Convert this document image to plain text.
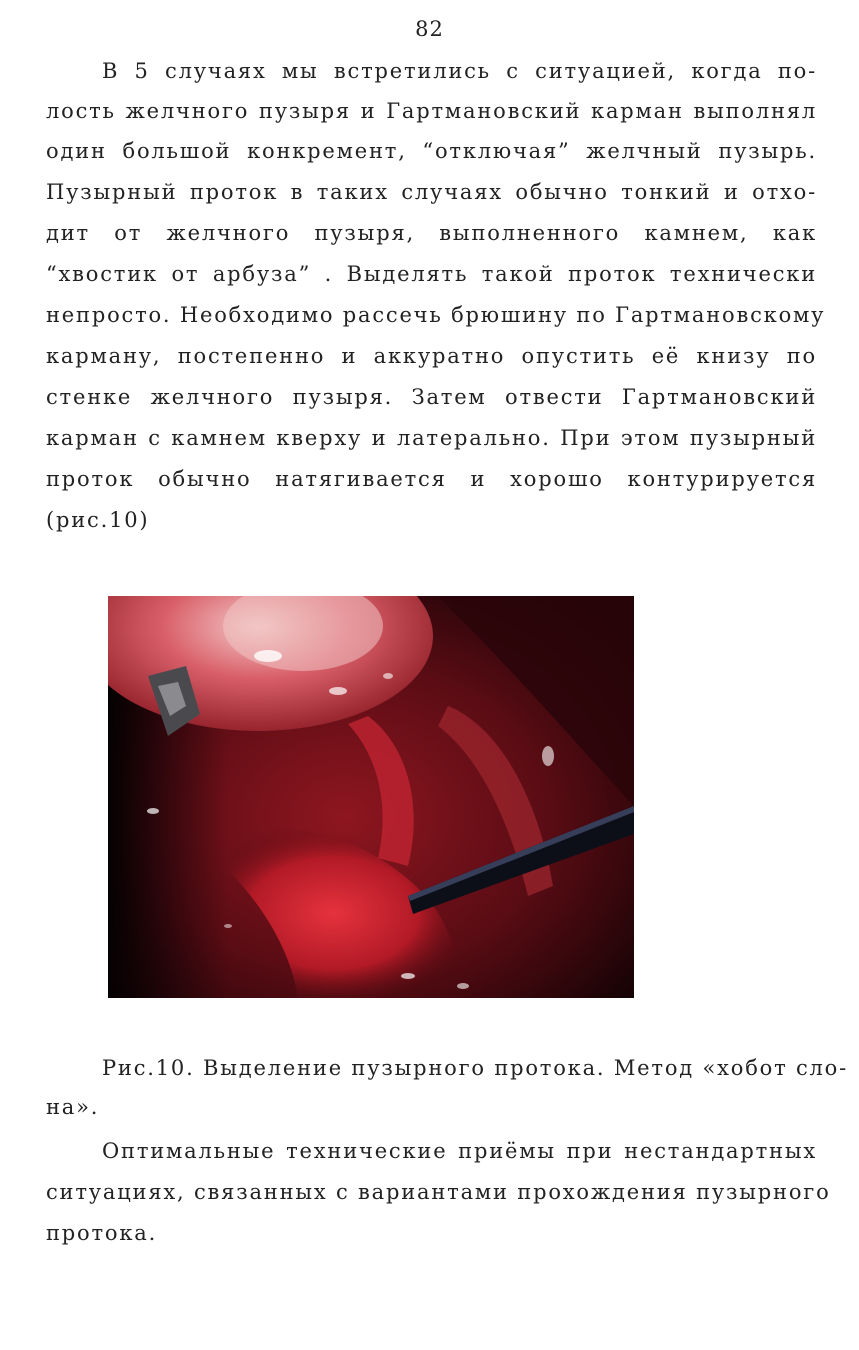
82
В 5 случаях мы встретились с ситуацией, когда по-
лость желчного пузыря и Гартмановский карман выполнял
один большой конкремент, “отключая” желчный пузырь.
Пузырный проток в таких случаях обычно тонкий и отхо-
дит от желчного пузыря, выполненного камнем, как
“хвостик от арбуза” . Выделять такой проток технически
непросто. Необходимо рассечь брюшину по Гартмановскому
карману, постепенно и аккуратно опустить её книзу по
стенке желчного пузыря. Затем отвести Гартмановский
карман с камнем кверху и латерально. При этом пузырный
проток обычно натягивается и хорошо контурируется
(рис.10)
Рис.10. Выделение пузырного протока. Метод «хобот сло-
на».
Оптимальные технические приёмы при нестандартных
ситуациях, связанных с вариантами прохождения пузырного
протока.
